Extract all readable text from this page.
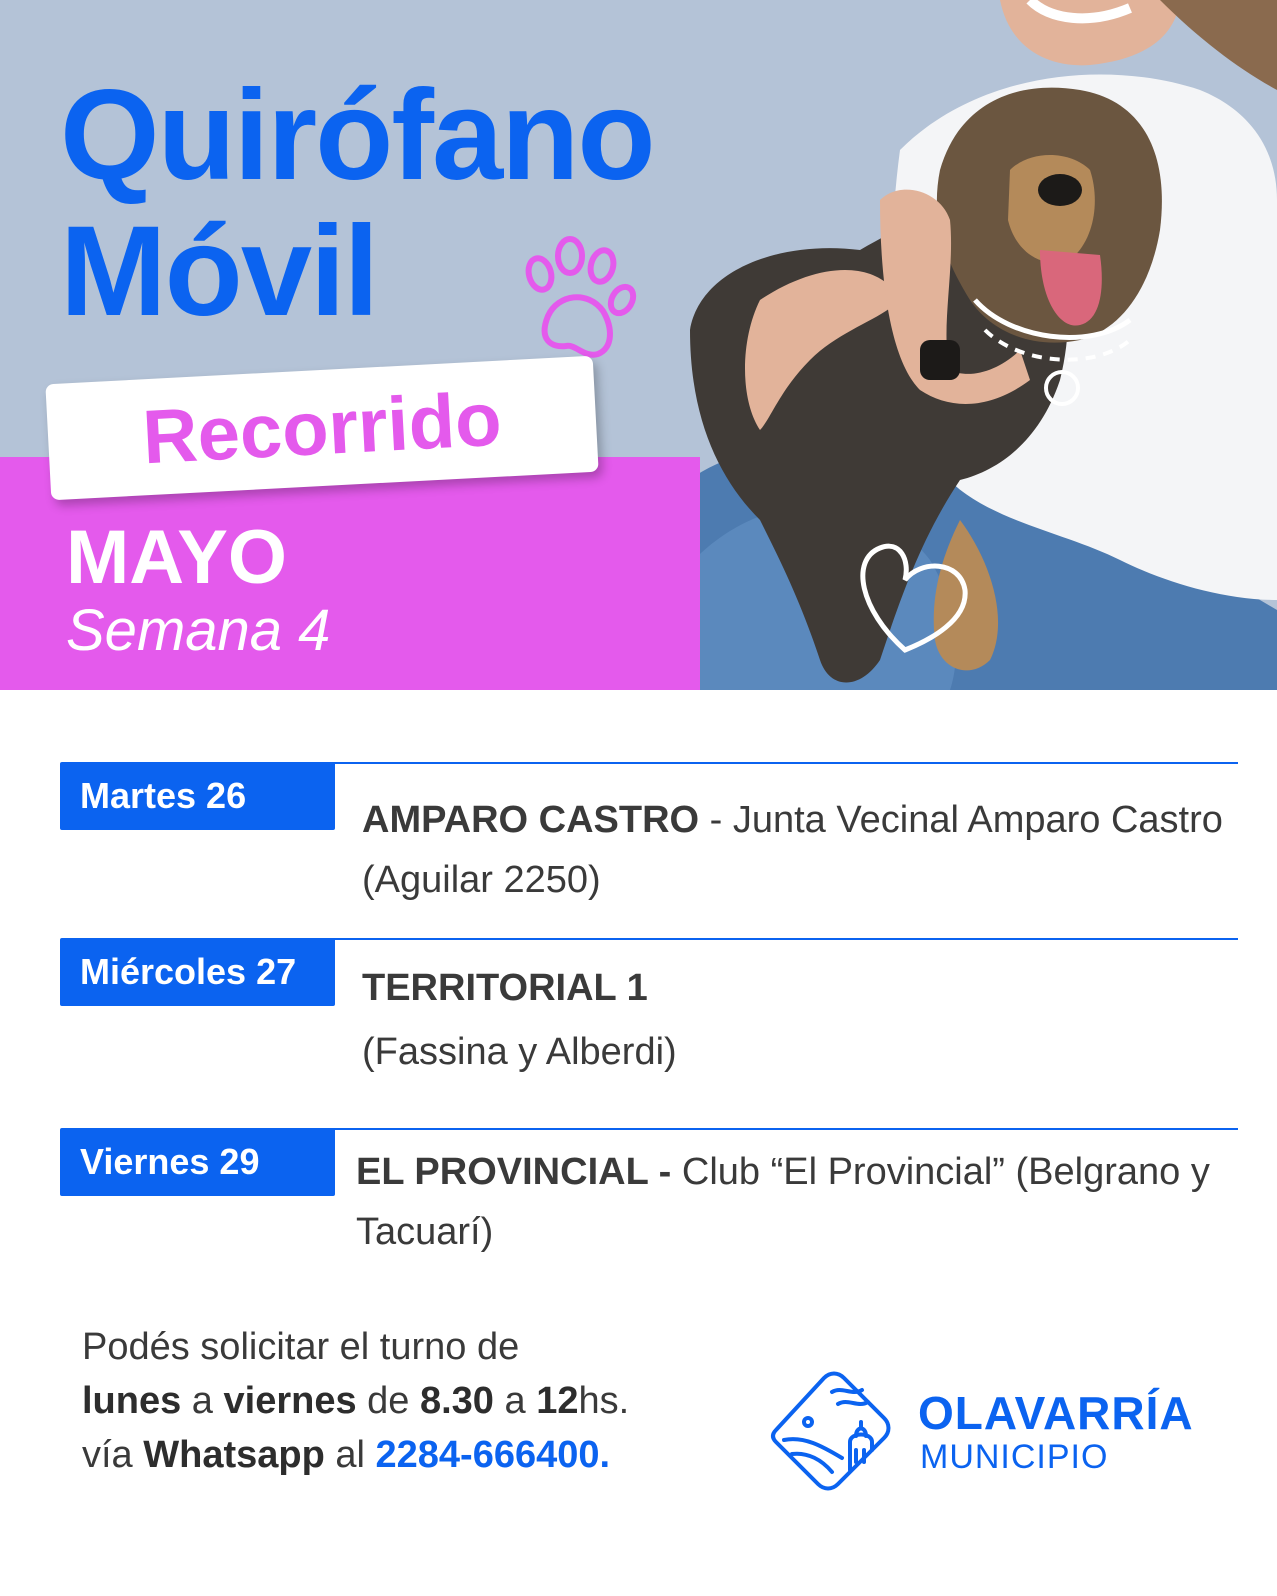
Quirófano
Móvil
Recorrido
MAYO
Semana 4
Martes 26
AMPARO CASTRO - Junta Vecinal Amparo Castro (Aguilar 2250)
Miércoles 27	TERRITORIAL 1
(Fassina y Alberdi)
Viernes 29	EL PROVINCIAL - Club “El Provincial” (Belgrano y Tacuarí)
Podés solicitar el turno de
lunes a viernes de 8.30 a 12hs.
vía Whatsapp al 2284-666400.
OLAVARRÍA
MUNICIPIO
